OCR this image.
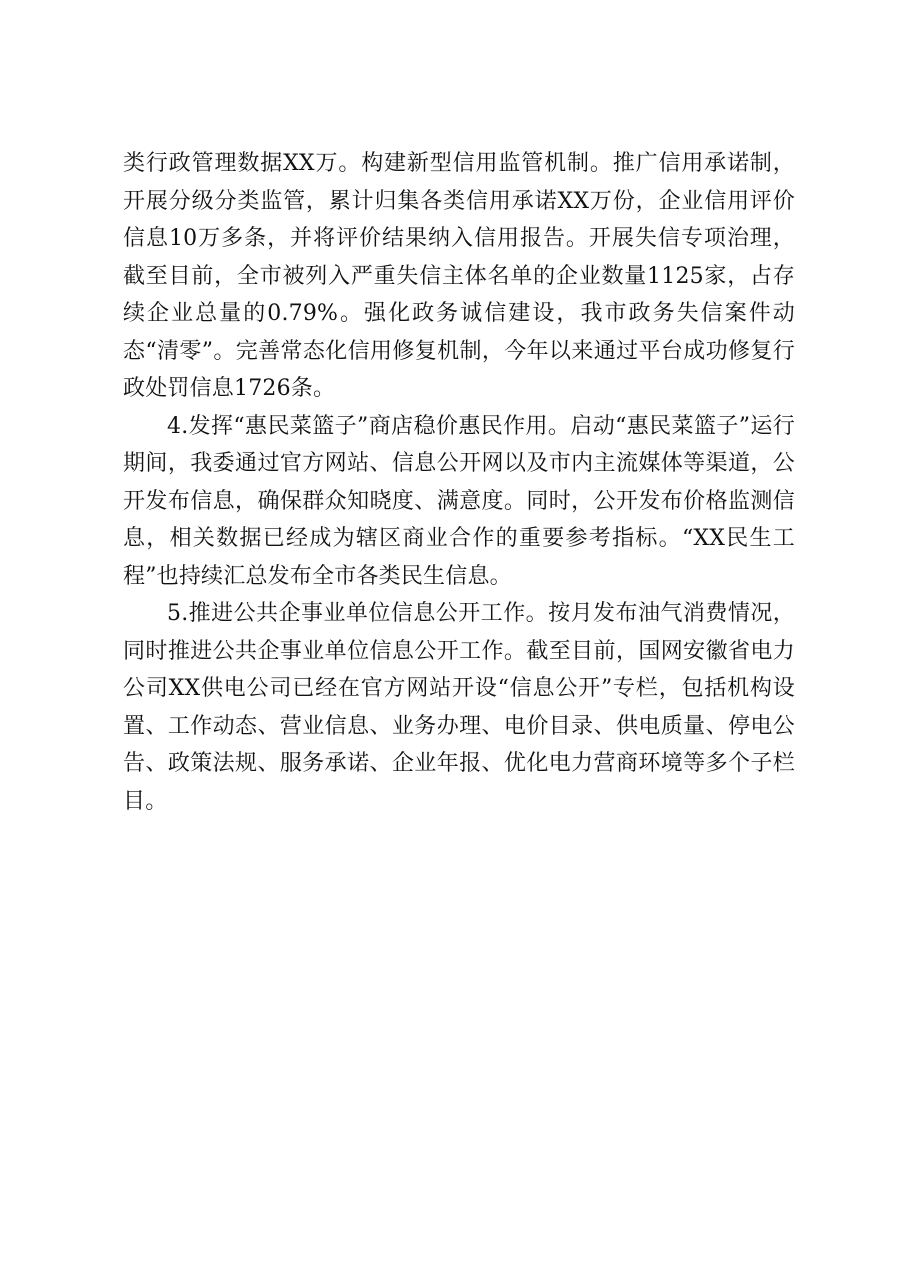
类行政管理数据XX万。构建新型信用监管机制。推广信用承诺制，开展分级分类监管，累计归集各类信用承诺XX万份，企业信用评价信息10万多条，并将评价结果纳入信用报告。开展失信专项治理，截至目前，全市被列入严重失信主体名单的企业数量1125家，占存续企业总量的0.79%。强化政务诚信建设，我市政务失信案件动态“清零”。完善常态化信用修复机制，今年以来通过平台成功修复行政处罚信息1726条。

4.发挥“惠民菜篮子”商店稳价惠民作用。启动“惠民菜篮子”运行期间，我委通过官方网站、信息公开网以及市内主流媒体等渠道，公开发布信息，确保群众知晓度、满意度。同时，公开发布价格监测信息，相关数据已经成为辖区商业合作的重要参考指标。“XX民生工程”也持续汇总发布全市各类民生信息。

5.推进公共企事业单位信息公开工作。按月发布油气消费情况，同时推进公共企事业单位信息公开工作。截至目前，国网安徽省电力公司XX供电公司已经在官方网站开设“信息公开”专栏，包括机构设置、工作动态、营业信息、业务办理、电价目录、供电质量、停电公告、政策法规、服务承诺、企业年报、优化电力营商环境等多个子栏目。
